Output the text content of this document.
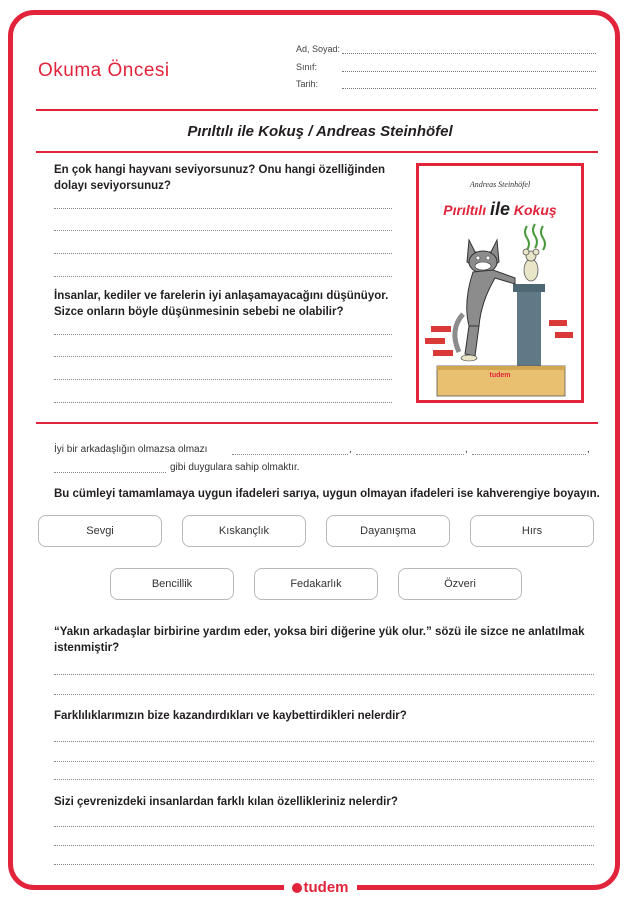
Okuma Öncesi
Ad, Soyad:
Sınıf:
Tarih:
Pırıltılı ile Kokuş / Andreas Steinhöfel
En çok hangi hayvanı seviyorsunuz? Onu hangi özelliğinden dolayı seviyorsunuz?
İnsanlar, kediler ve farelerin iyi anlaşamayacağını düşünüyor. Sizce onların böyle düşünmesinin sebebi ne olabilir?
Andreas Steinhöfel
Pırıltılı ile Kokuş
tudem
İyi bir arkadaşlığın olmazsa olmazı	,	,	,
gibi duygulara sahip olmaktır.
Bu cümleyi tamamlamaya uygun ifadeleri sarıya, uygun olmayan ifadeleri ise kahverengiye boyayın.
Sevgi	Kıskançlık	Dayanışma	Hırs
Bencillik	Fedakarlık	Özveri
“Yakın arkadaşlar birbirine yardım eder, yoksa biri diğerine yük olur.” sözü ile sizce ne anlatılmak istenmiştir?
Farklılıklarımızın bize kazandırdıkları ve kaybettirdikleri nelerdir?
Sizi çevrenizdeki insanlardan farklı kılan özellikleriniz nelerdir?
tudem
